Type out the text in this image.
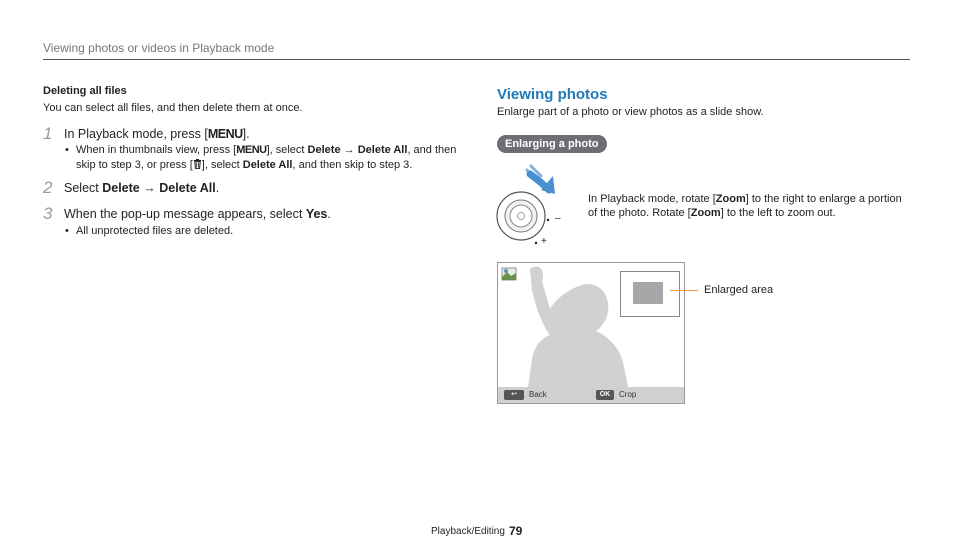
Viewing photos or videos in Playback mode
Deleting all files
You can select all files, and then delete them at once.
1 In Playback mode, press [MENU].
• When in thumbnails view, press [MENU], select Delete → Delete All, and then
skip to step 3, or press [ ], select Delete All, and then skip to step 3.
2 Select Delete → Delete All.
3 When the pop-up message appears, select Yes.
• All unprotected files are deleted.
Viewing photos
Enlarge part of a photo or view photos as a slide show.
Enlarging a photo
–
+
In Playback mode, rotate [Zoom] to the right to enlarge a portion of the photo. Rotate [Zoom] to the left to zoom out.
↩	Back	OK	Crop
Enlarged area
Playback/Editing 79
